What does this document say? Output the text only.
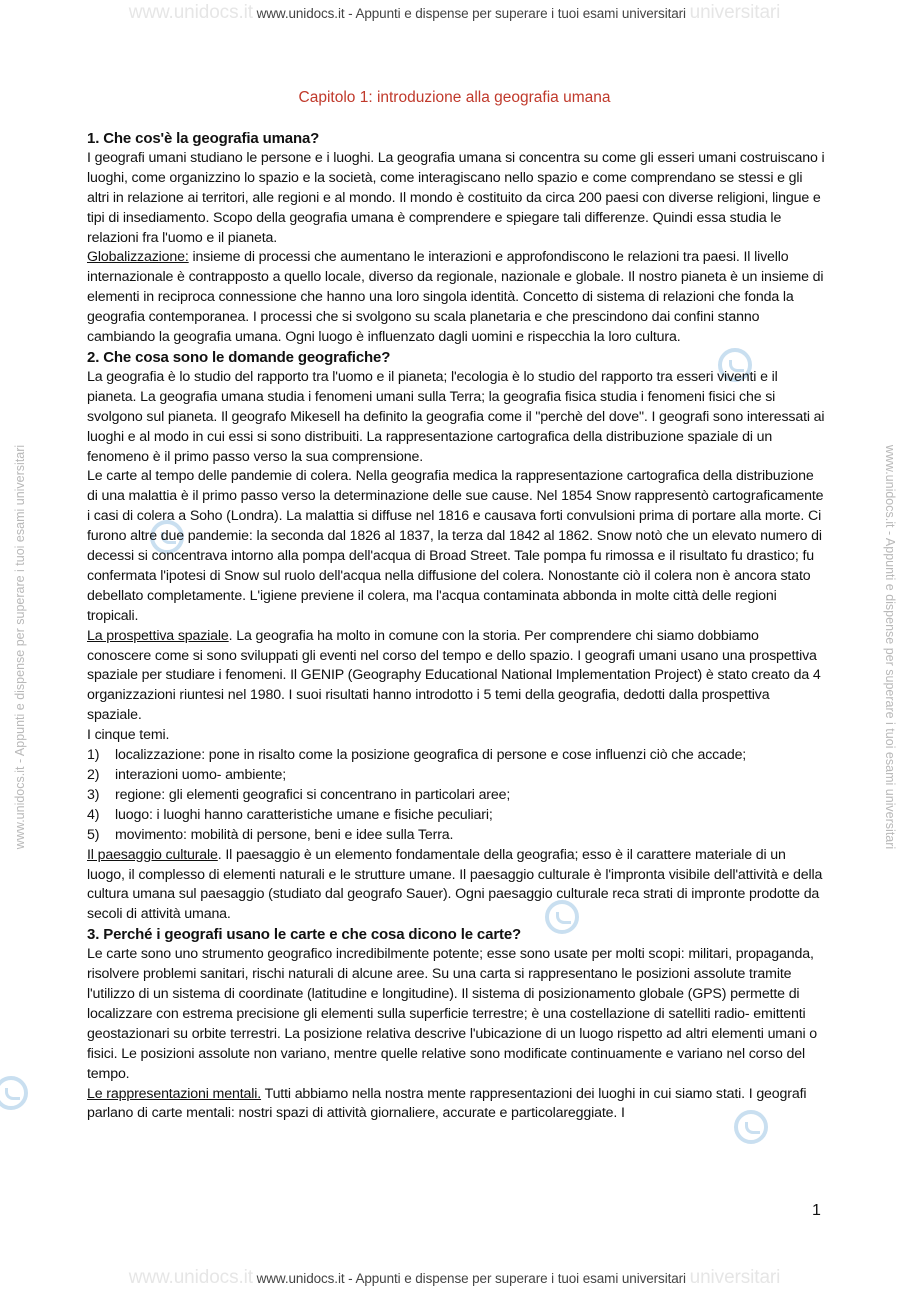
www.unidocs.it www.unidocs.it - Appunti e dispense per superare i tuoi esami universitari universitari
www.unidocs.it - Appunti e dispense per superare i tuoi esami universitari	www.unidocs.it - Appunti e dispense per superare i tuoi esami universitari
Capitolo 1: introduzione alla geografia umana
1. Che cos'è la geografia umana?

I geografi umani studiano le persone e i luoghi. La geografia umana si concentra su come gli esseri umani costruiscano i luoghi, come organizzino lo spazio e la società, come interagiscano nello spazio e come comprendano se stessi e gli altri in relazione ai territori, alle regioni e al mondo. Il mondo è costituito da circa 200 paesi con diverse religioni, lingue e tipi di insediamento. Scopo della geografia umana è comprendere e spiegare tali differenze. Quindi essa studia le relazioni fra l'uomo e il pianeta.

Globalizzazione: insieme di processi che aumentano le interazioni e approfondiscono le relazioni tra paesi. Il livello internazionale è contrapposto a quello locale, diverso da regionale, nazionale e globale. Il nostro pianeta è un insieme di elementi in reciproca connessione che hanno una loro singola identità. Concetto di sistema di relazioni che fonda la geografia contemporanea. I processi che si svolgono su scala planetaria e che prescindono dai confini stanno cambiando la geografia umana. Ogni luogo è influenzato dagli uomini e rispecchia la loro cultura.

2. Che cosa sono le domande geografiche?

La geografia è lo studio del rapporto tra l'uomo e il pianeta; l'ecologia è lo studio del rapporto tra esseri viventi e il pianeta. La geografia umana studia i fenomeni umani sulla Terra; la geografia fisica studia i fenomeni fisici che si svolgono sul pianeta. Il geografo Mikesell ha definito la geografia come il "perchè del dove". I geografi sono interessati ai luoghi e al modo in cui essi si sono distribuiti. La rappresentazione cartografica della distribuzione spaziale di un fenomeno è il primo passo verso la sua comprensione.

Le carte al tempo delle pandemie di colera. Nella geografia medica la rappresentazione cartografica della distribuzione di una malattia è il primo passo verso la determinazione delle sue cause. Nel 1854 Snow rappresentò cartograficamente i casi di colera a Soho (Londra). La malattia si diffuse nel 1816 e causava forti convulsioni prima di portare alla morte. Ci furono altre due pandemie: la seconda dal 1826 al 1837, la terza dal 1842 al 1862. Snow notò che un elevato numero di decessi si concentrava intorno alla pompa dell'acqua di Broad Street. Tale pompa fu rimossa e il risultato fu drastico; fu confermata l'ipotesi di Snow sul ruolo dell'acqua nella diffusione del colera. Nonostante ciò il colera non è ancora stato debellato completamente. L'igiene previene il colera, ma l'acqua contaminata abbonda in molte città delle regioni tropicali.

La prospettiva spaziale. La geografia ha molto in comune con la storia. Per comprendere chi siamo dobbiamo conoscere come si sono sviluppati gli eventi nel corso del tempo e dello spazio. I geografi umani usano una prospettiva spaziale per studiare i fenomeni. Il GENIP (Geography Educational National Implementation Project) è stato creato da 4 organizzazioni riuntesi nel 1980. I suoi risultati hanno introdotto i 5 temi della geografia, dedotti dalla prospettiva spaziale.

I cinque temi.

1) localizzazione: pone in risalto come la posizione geografica di persone e cose influenzi ciò che accade;
2) interazioni uomo- ambiente;
3) regione: gli elementi geografici si concentrano in particolari aree;
4) luogo: i luoghi hanno caratteristiche umane e fisiche peculiari;
5) movimento: mobilità di persone, beni e idee sulla Terra.

Il paesaggio culturale. Il paesaggio è un elemento fondamentale della geografia; esso è il carattere materiale di un luogo, il complesso di elementi naturali e le strutture umane. Il paesaggio culturale è l'impronta visibile dell'attività e della cultura umana sul paesaggio (studiato dal geografo Sauer). Ogni paesaggio culturale reca strati di impronte prodotte da secoli di attività umana.

3. Perché i geografi usano le carte e che cosa dicono le carte?

Le carte sono uno strumento geografico incredibilmente potente; esse sono usate per molti scopi: militari, propaganda, risolvere problemi sanitari, rischi naturali di alcune aree. Su una carta si rappresentano le posizioni assolute tramite l'utilizzo di un sistema di coordinate (latitudine e longitudine). Il sistema di posizionamento globale (GPS) permette di localizzare con estrema precisione gli elementi sulla superficie terrestre; è una costellazione di satelliti radio- emittenti geostazionari su orbite terrestri. La posizione relativa descrive l'ubicazione di un luogo rispetto ad altri elementi umani o fisici. Le posizioni assolute non variano, mentre quelle relative sono modificate continuamente e variano nel corso del tempo.

Le rappresentazioni mentali. Tutti abbiamo nella nostra mente rappresentazioni dei luoghi in cui siamo stati. I geografi parlano di carte mentali: nostri spazi di attività giornaliere, accurate e particolareggiate. I

1
www.unidocs.it www.unidocs.it - Appunti e dispense per superare i tuoi esami universitari universitari
